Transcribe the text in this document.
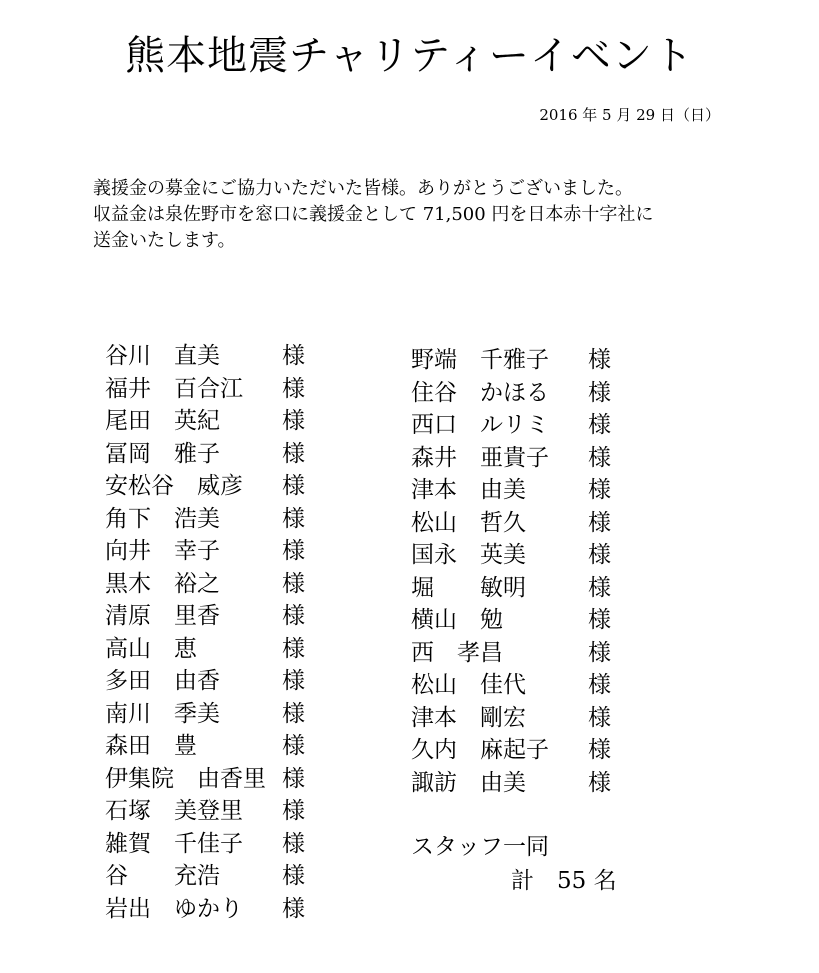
熊本地震チャリティーイベント
2016 年 5 月 29 日（日）
義援金の募金にご協力いただいた皆様。ありがとうございました。
収益金は泉佐野市を窓口に義援金として 71,500 円を日本赤十字社に
送金いたします。
谷川　直美	様
福井　百合江 様
尾田　英紀	様
冨岡　雅子	様
安松谷　威彦 様
角下　浩美	様
向井　幸子	様
黒木　裕之	様
清原　里香	様
高山　恵	様
多田　由香	様
南川　季美	様
森田　豊	様
伊集院　由香里 様
石塚　美登里 様
雑賀　千佳子 様
谷　　充浩	様
岩出　ゆかり 様
野端　千雅子 様
住谷　かほる 様
西口　ルリミ 様
森井　亜貴子 様
津本　由美	様
松山　哲久	様
国永　英美	様
堀　　敏明	様
横山　勉	様
西　孝昌	様
松山　佳代	様
津本　剛宏	様
久内　麻起子 様
諏訪　由美	様
スタッフ一同
計　55 名
